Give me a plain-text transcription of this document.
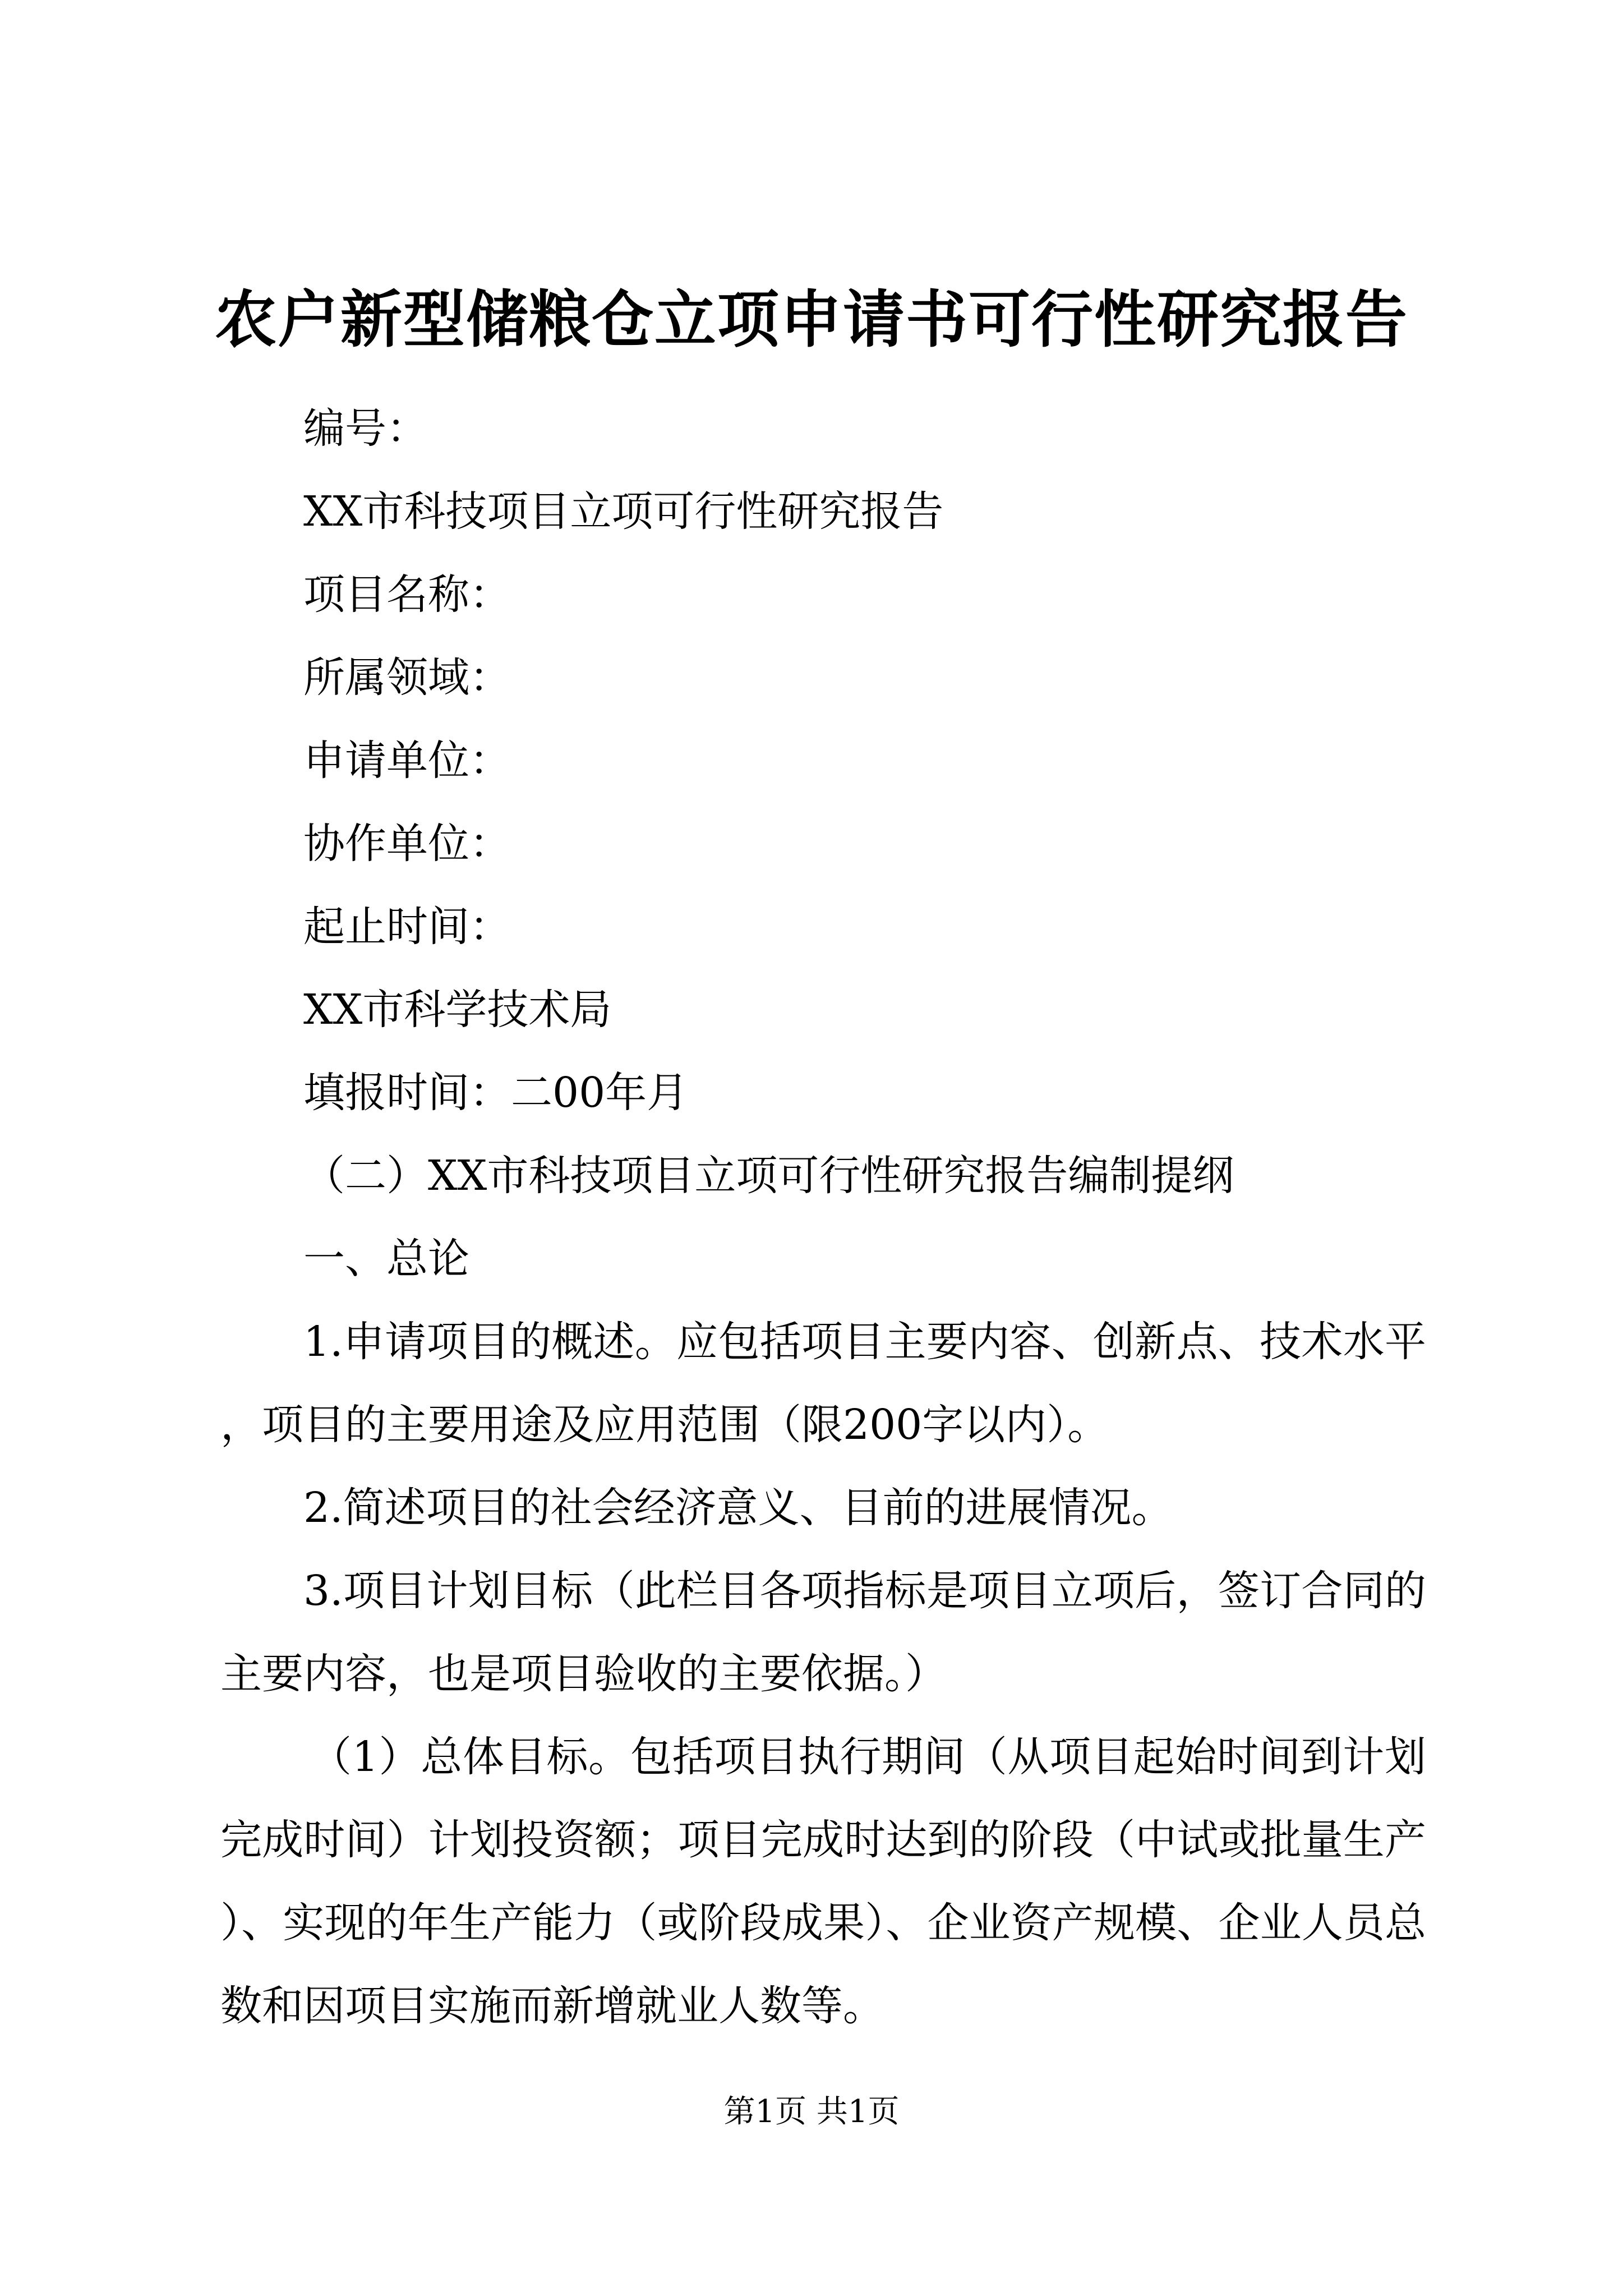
农户新型储粮仓立项申请书可行性研究报告
编号：
XX市科技项目立项可行性研究报告
项目名称：
所属领域：
申请单位：
协作单位：
起止时间：
XX市科学技术局
填报时间：二00年月
（二）XX市科技项目立项可行性研究报告编制提纲
一、总论
1.申请项目的概述。应包括项目主要内容、创新点、技术水平，项目的主要用途及应用范围（限200字以内）。
2.简述项目的社会经济意义、目前的进展情况。
3.项目计划目标（此栏目各项指标是项目立项后，签订合同的主要内容，也是项目验收的主要依据。）
（1）总体目标。包括项目执行期间（从项目起始时间到计划完成时间）计划投资额；项目完成时达到的阶段（中试或批量生产）、实现的年生产能力（或阶段成果）、企业资产规模、企业人员总数和因项目实施而新增就业人数等。
第1页 共1页
